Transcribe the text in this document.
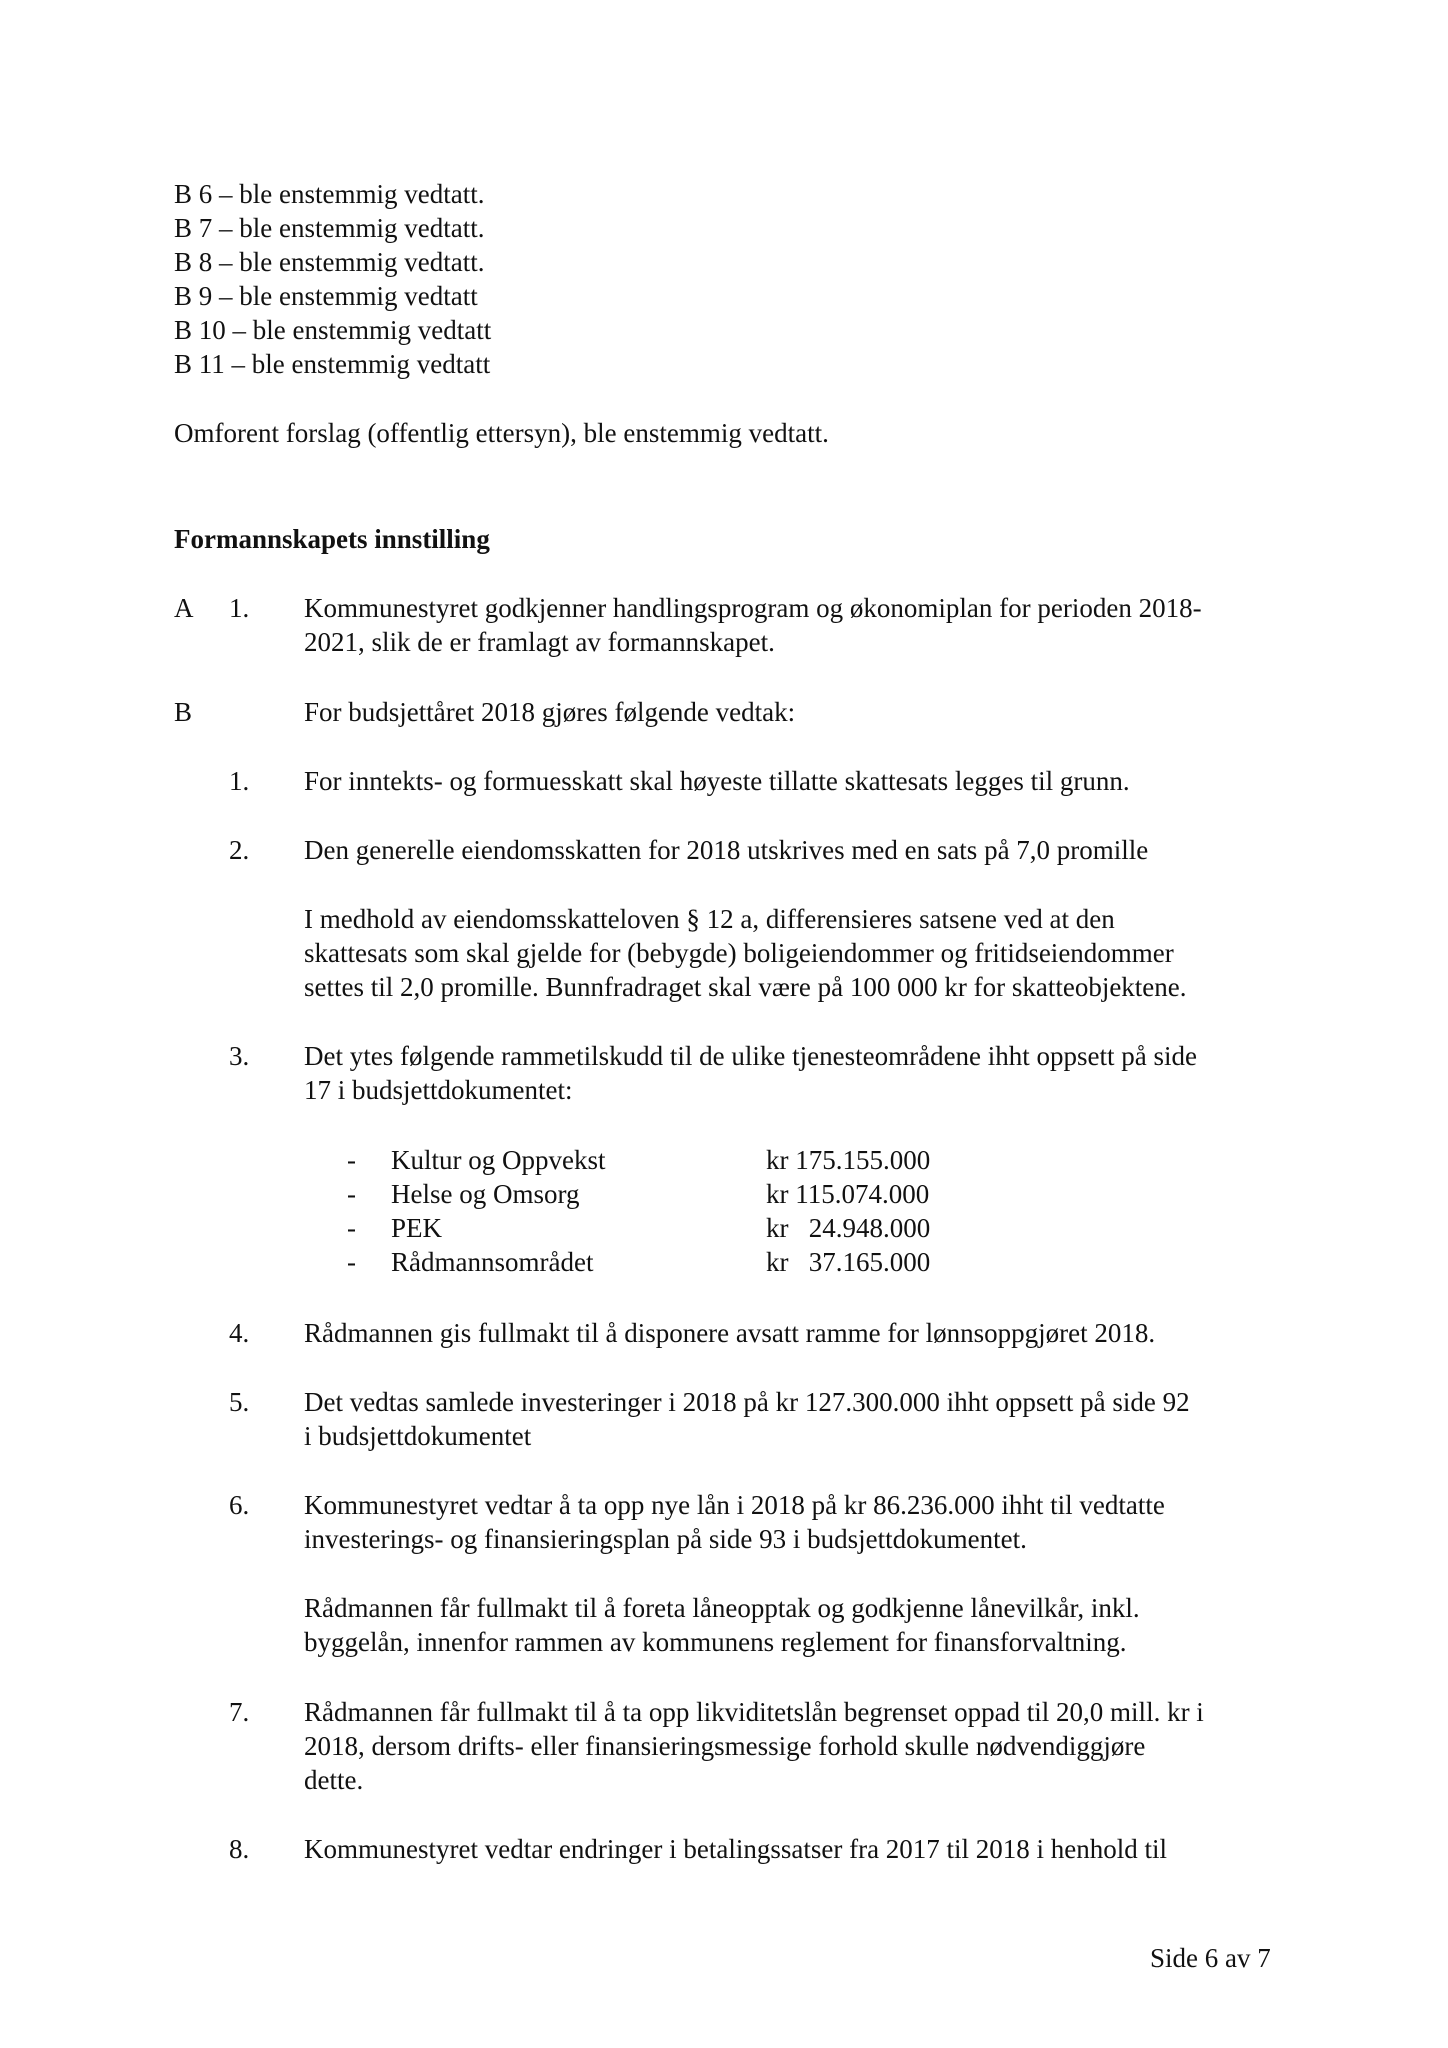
B 6 – ble enstemmig vedtatt.
B 7 – ble enstemmig vedtatt.
B 8 – ble enstemmig vedtatt.
B 9 – ble enstemmig vedtatt
B 10 – ble enstemmig vedtatt
B 11 – ble enstemmig vedtatt
Omforent forslag (offentlig ettersyn), ble enstemmig vedtatt.
Formannskapets innstilling
A 1. Kommunestyret godkjenner handlingsprogram og økonomiplan for perioden 2018-
2021, slik de er framlagt av formannskapet.
B	For budsjettåret 2018 gjøres følgende vedtak:
1. For inntekts- og formuesskatt skal høyeste tillatte skattesats legges til grunn.
2. Den generelle eiendomsskatten for 2018 utskrives med en sats på 7,0 promille
I medhold av eiendomsskatteloven § 12 a, differensieres satsene ved at den
skattesats som skal gjelde for (bebygde) boligeiendommer og fritidseiendommer
settes til 2,0 promille. Bunnfradraget skal være på 100 000 kr for skatteobjektene.
3. Det ytes følgende rammetilskudd til de ulike tjenesteområdene ihht oppsett på side
17 i budsjettdokumentet:
- Kultur og Oppvekst	kr 175.155.000
- Helse og Omsorg	kr 115.074.000
- PEK	kr   24.948.000
- Rådmannsområdet	kr   37.165.000
4. Rådmannen gis fullmakt til å disponere avsatt ramme for lønnsoppgjøret 2018.
5. Det vedtas samlede investeringer i 2018 på kr 127.300.000 ihht oppsett på side 92
i budsjettdokumentet
6. Kommunestyret vedtar å ta opp nye lån i 2018 på kr 86.236.000 ihht til vedtatte
investerings- og finansieringsplan på side 93 i budsjettdokumentet.
Rådmannen får fullmakt til å foreta låneopptak og godkjenne lånevilkår, inkl.
byggelån, innenfor rammen av kommunens reglement for finansforvaltning.
7. Rådmannen får fullmakt til å ta opp likviditetslån begrenset oppad til 20,0 mill. kr i
2018, dersom drifts- eller finansieringsmessige forhold skulle nødvendiggjøre
dette.
8. Kommunestyret vedtar endringer i betalingssatser fra 2017 til 2018 i henhold til
Side 6 av 7
